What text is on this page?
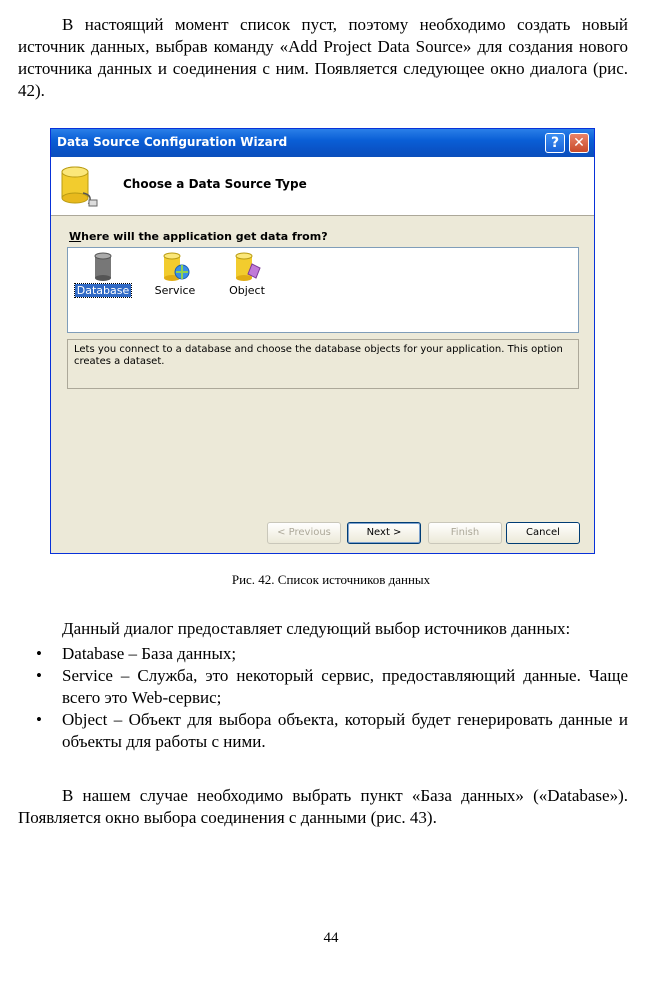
В настоящий момент список пуст, поэтому необходимо создать новый источник данных, выбрав команду «Add Project Data Source» для создания нового источника данных и соединения с ним. Появляется следующее окно диалога (рис. 42).

Data Source Configuration Wizard	?	✕
Choose a Data Source Type
Where will the application get data from?
Database	Service	Object
Lets you connect to a database and choose the database objects for your application. This option creates a dataset.
< Previous	Next >	Finish	Cancel
Рис. 42. Список источников данных

Данный диалог предоставляет следующий выбор источников данных:

• Database – База данных;
• Service – Служба, это некоторый сервис, предоставляющий данные. Чаще всего это Web-сервис;
• Object – Объект для выбора объекта, который будет генерировать данные и объекты для работы с ними.

В нашем случае необходимо выбрать пункт «База данных» («Database»). Появляется окно выбора соединения с данными (рис. 43).

44
